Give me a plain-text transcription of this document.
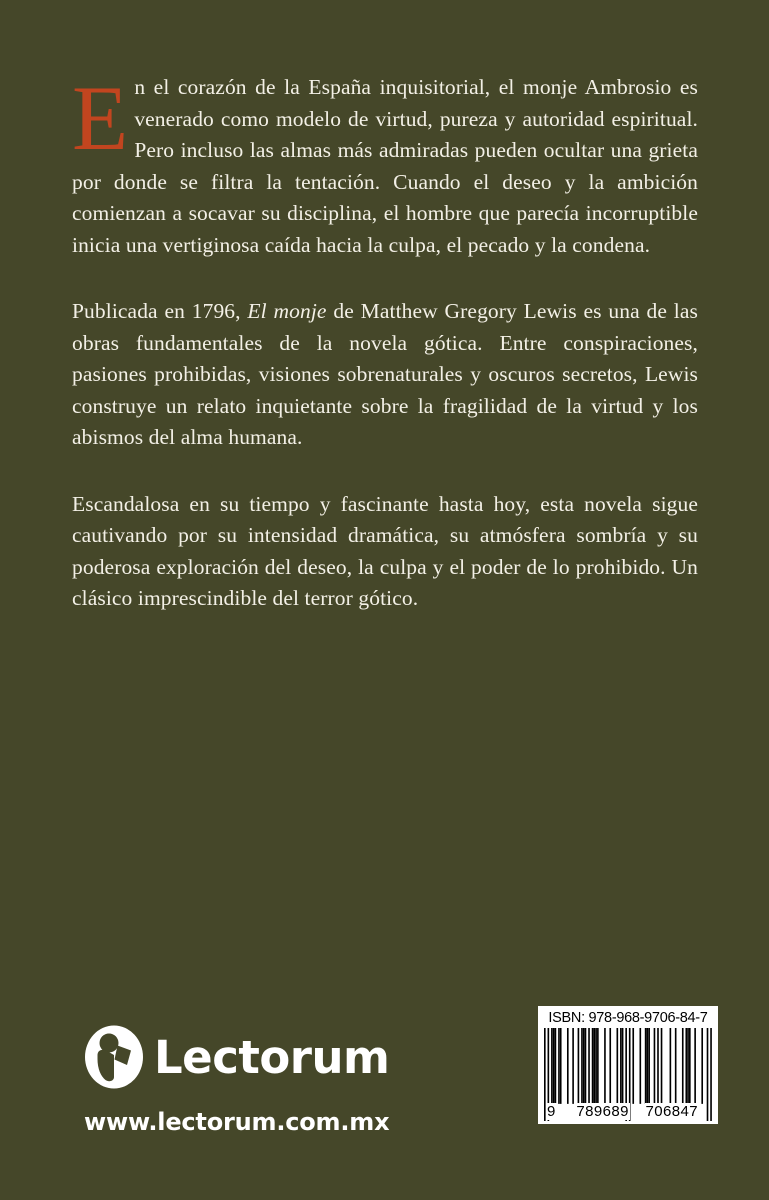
En el corazón de la España inquisitorial, el monje Ambrosio es venerado como modelo de virtud, pureza y autoridad espiritual. Pero incluso las almas más admiradas pueden ocultar una grieta por donde se filtra la tentación. Cuando el deseo y la ambición comienzan a socavar su disciplina, el hombre que parecía incorruptible inicia una vertiginosa caída hacia la culpa, el pecado y la condena.

Publicada en 1796, El monje de Matthew Gregory Lewis es una de las obras fundamentales de la novela gótica. Entre conspiraciones, pasiones prohibidas, visiones sobrenaturales y oscuros secretos, Lewis construye un relato inquietante sobre la fragilidad de la virtud y los abismos del alma humana.

Escandalosa en su tiempo y fascinante hasta hoy, esta novela sigue cautivando por su intensidad dramática, su atmósfera sombría y su poderosa exploración del deseo, la culpa y el poder de lo prohibido. Un clásico imprescindible del terror gótico.

Lectorum
www.lectorum.com.mx
ISBN: 978-968-9706-84-7
9 789689 706847
